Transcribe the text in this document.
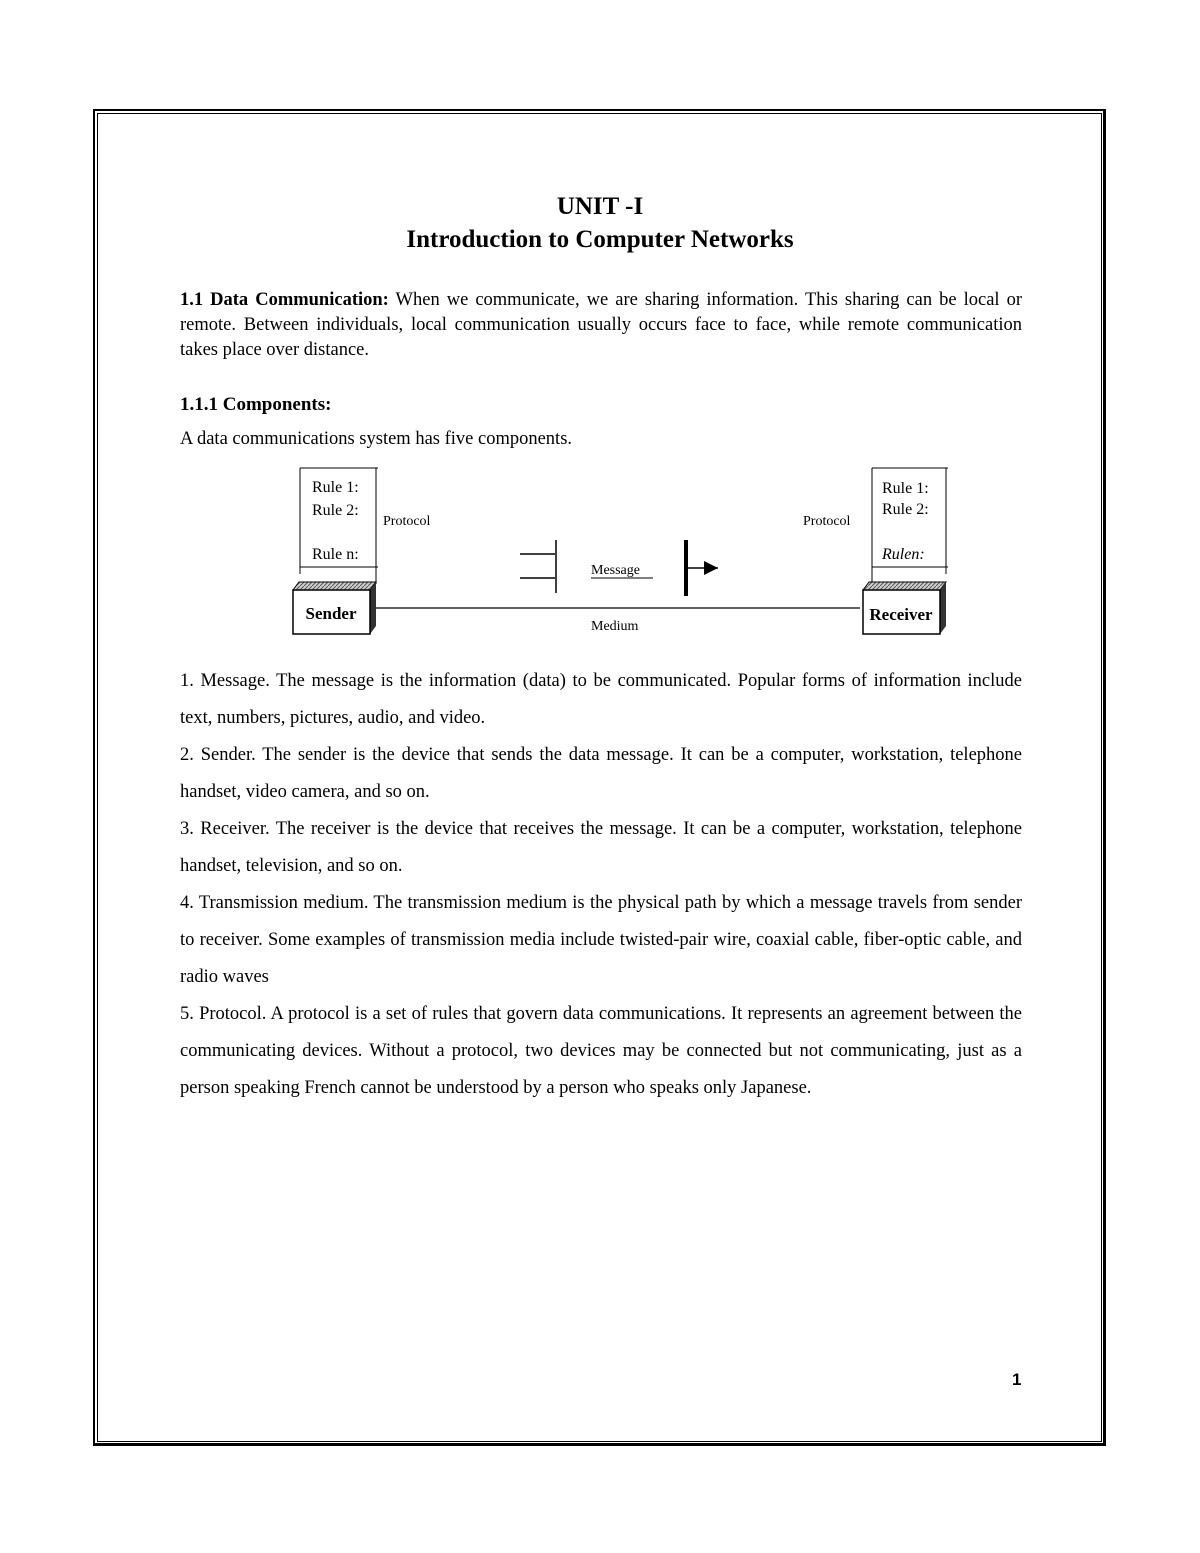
UNIT -I
Introduction to Computer Networks
1.1 Data Communication: When we communicate, we are sharing information. This sharing can be local or remote. Between individuals, local communication usually occurs face to face, while remote communication takes place over distance.
1.1.1 Components:
A data communications system has five components.
Rule 1:
Rule 2:
Rule n:
Protocol
Rule 1:
Rule 2:
Rulen:
Protocol
Message
Medium
Sender	Receiver

1. Message. The message is the information (data) to be communicated. Popular forms of information include text, numbers, pictures, audio, and video.

2. Sender. The sender is the device that sends the data message. It can be a computer, workstation, telephone handset, video camera, and so on.

3. Receiver. The receiver is the device that receives the message. It can be a computer, workstation, telephone handset, television, and so on.

4. Transmission medium. The transmission medium is the physical path by which a message travels from sender to receiver. Some examples of transmission media include twisted-pair wire, coaxial cable, fiber-optic cable, and radio waves

5. Protocol. A protocol is a set of rules that govern data communications. It represents an agreement between the communicating devices. Without a protocol, two devices may be connected but not communicating, just as a person speaking French cannot be understood by a person who speaks only Japanese.

1
